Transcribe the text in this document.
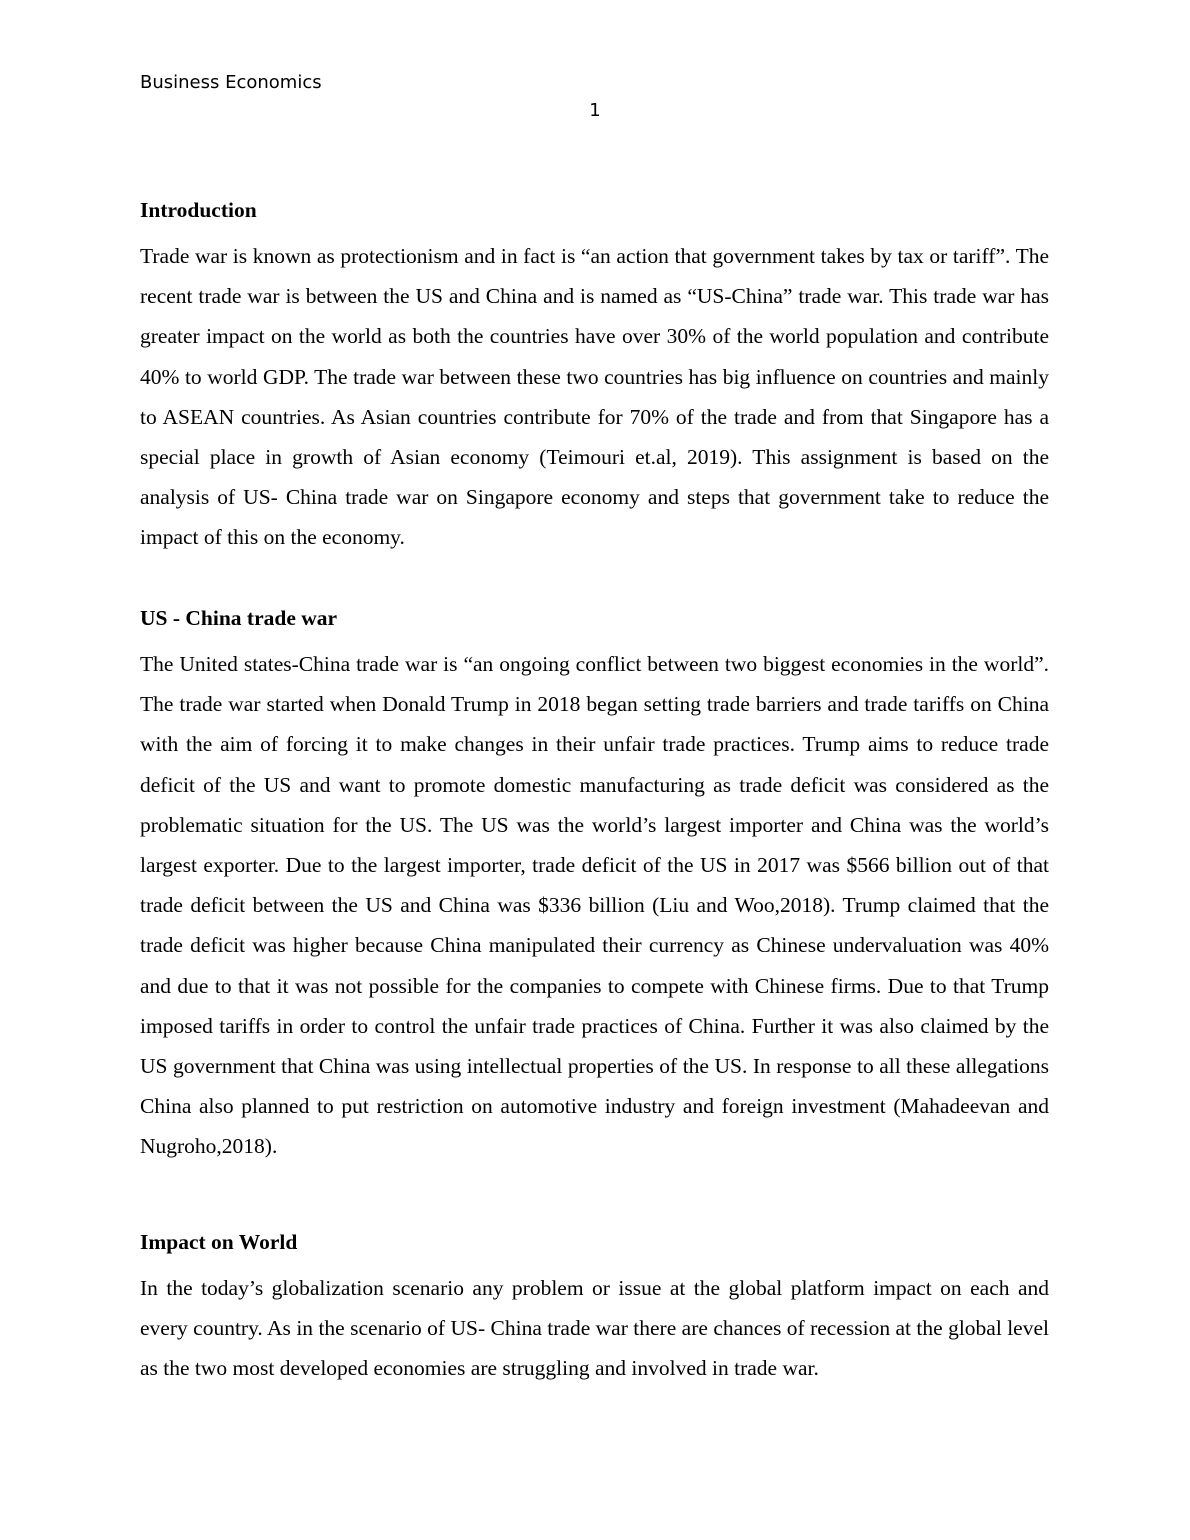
Business Economics
1
Introduction

Trade war is known as protectionism and in fact is “an action that government takes by tax or tariff”. The recent trade war is between the US and China and is named as “US-China” trade war. This trade war has greater impact on the world as both the countries have over 30% of the world population and contribute 40% to world GDP. The trade war between these two countries has big influence on countries and mainly to ASEAN countries. As Asian countries contribute for 70% of the trade and from that Singapore has a special place in growth of Asian economy (Teimouri et.al, 2019). This assignment is based on the analysis of US- China trade war on Singapore economy and steps that government take to reduce the impact of this on the economy.

US - China trade war

The United states-China trade war is “an ongoing conflict between two biggest economies in the world”. The trade war started when Donald Trump in 2018 began setting trade barriers and trade tariffs on China with the aim of forcing it to make changes in their unfair trade practices. Trump aims to reduce trade deficit of the US and want to promote domestic manufacturing as trade deficit was considered as the problematic situation for the US. The US was the world’s largest importer and China was the world’s largest exporter. Due to the largest importer, trade deficit of the US in 2017 was $566 billion out of that trade deficit between the US and China was $336 billion (Liu and Woo,2018). Trump claimed that the trade deficit was higher because China manipulated their currency as Chinese undervaluation was 40% and due to that it was not possible for the companies to compete with Chinese firms. Due to that Trump imposed tariffs in order to control the unfair trade practices of China. Further it was also claimed by the US government that China was using intellectual properties of the US. In response to all these allegations China also planned to put restriction on automotive industry and foreign investment (Mahadeevan and Nugroho,2018).

Impact on World

In the today’s globalization scenario any problem or issue at the global platform impact on each and every country. As in the scenario of US- China trade war there are chances of recession at the global level as the two most developed economies are struggling and involved in trade war.
